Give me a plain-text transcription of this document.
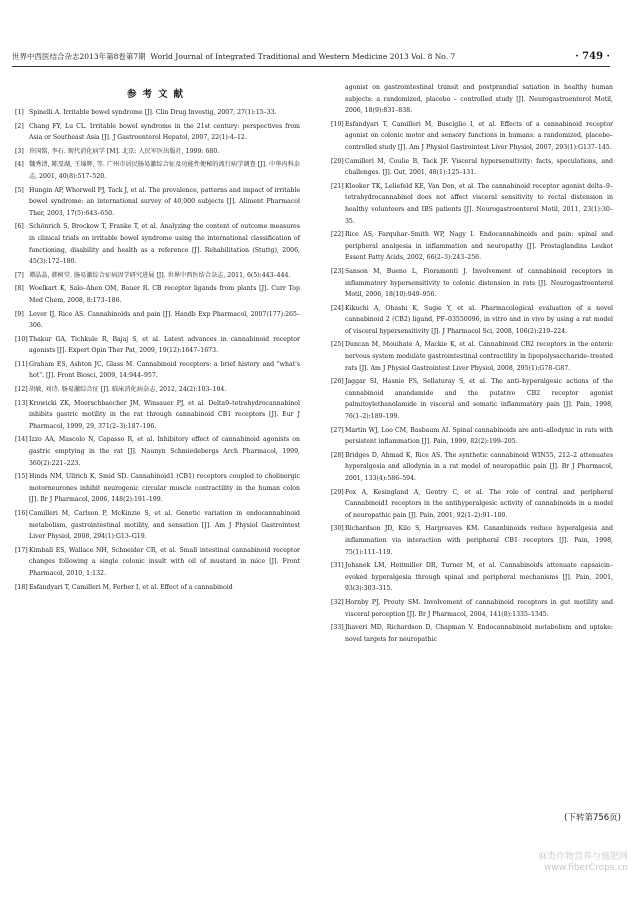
世界中西医结合杂志2013年第8卷第7期 World Journal of Integrated Traditional and Western Medicine 2013 Vol. 8 No. 7	· 749 ·
参考文献
[1] Spinelli A. Irritable bowel syndrome [J]. Clin Drug Investig, 2007, 27(1):15–33.
[2] Chang FY, Lu CL. Irritable bowel syndrome in the 21st century: perspectives from Asia or Southeast Asia [J]. J Gastroenterol Hepatol, 2007, 22(1):4–12.
[3] 许国铭, 李石. 现代消化病学 [M]. 北京: 人民军医出版社, 1999: 680.
[4] 魏秀清, 陈旻湖, 王锦辉, 等. 广州市居民肠易激综合征及功能性便秘的流行病学调查 [J]. 中华内科杂志, 2001, 40(8):517–520.
[5] Hungin AP, Whorwell PJ, Tack J, et al. The prevalence, patterns and impact of irritable bowel syndrome: an international survey of 40,000 subjects [J]. Aliment Pharmacol Ther, 2003, 17(5):643–650.
[6] Schönrich S, Brockow T, Franke T, et al. Analyzing the content of outcome measures in clinical trials on irritable bowel syndrome using the international classification of functioning, disability and health as a reference [J]. Rehabilitation (Stuttg), 2006, 45(3):172–180.
[7] 谭晶晶, 韩树堂. 肠易激综合征病因学研究进展 [J]. 世界中西医结合杂志, 2011, 6(5):443–444.
[8] Woelkart K, Salo–Ahen OM, Bauer R. CB receptor ligands from plants [J]. Curr Top Med Chem, 2008, 8:173–186.
[9] Lever IJ, Rice AS. Cannabinoids and pain [J]. Handb Exp Pharmacol, 2007(177):265–306.
[10] Thakur GA, Tichkule R, Bajaj S, et al. Latest advances in cannabinoid receptor agonists [J]. Expert Opin Ther Pat, 2009, 19(12):1647–1673.
[11] Graham ES, Ashton JC, Glass M. Cannabinoid receptors: a brief history and "what's hot". [J]. Front Biosci, 2009, 14:944–957.
[12] 胡敏, 刘诗. 肠易激综合征 [J]. 临床消化病杂志, 2012, 24(2):103–104.
[13] Krowicki ZK, Moerschbaecher JM, Winsauer PJ, et al. Delta9–tetrahydrocannabinol inhibits gastric motility in the rat through cannabinoid CB1 receptors [J]. Eur J Pharmacol, 1999, 29, 371(2–3):187–196.
[14] Izzo AA, Mascolo N, Capasso R, et al. Inhibitory effect of cannabinoid agonists on gastric emptying in the rat [J]. Naunyn Schmiedebergs Arch Pharmacol, 1999, 360(2):221–223.
[15] Hinds NM, Ullrich K, Smid SD. Cannabinoid1 (CB1) receptors coupled to cholinergic motorneurones inhibit neurogenic circular muscle contractility in the human colon [J]. Br J Pharmacol, 2006, 148(2):191–199.
[16] Camilleri M, Carlson P, McKinzie S, et al. Genetic variation in endocannabinoid metabolism, gastrointestinal motility, and sensation [J]. Am J Physiol Gastrointest Liver Physiol, 2008, 294(1):G13–G19.
[17] Kimball ES, Wallace NH, Schneider CR, et al. Small intestinal cannabinoid receptor changes following a single colonic insult with oil of mustard in mice [J]. Front Pharmacol, 2010, 1:132.
[18] Esfandyari T, Camilleri M, Ferber I, et al. Effect of a cannabinoid
agonist on gastrointestinal transit and postprandial satiation in healthy human subjects: a randomized, placebo – controlled study [J]. Neurogastroenterol Motil, 2006, 18(9):831–838.
[19] Esfandyari T, Camilleri M, Busciglio I, et al. Effects of a cannabinoid receptor agonist on colonic motor and sensory functions in humans: a randomized, placebo–controlled study [J]. Am J Physiol Gastrointest Liver Physiol, 2007, 293(1):G137–145.
[20] Camilleri M, Coulie B, Tack JF. Visceral hypersensitivity: facts, speculations, and challenges. [J]. Gut, 2001, 48(1):125–131.
[21] Klooker TK, Leliefeld KE, Van Den, et al. The cannabinoid receptor agonist delta–9–tetrahydrocannabinol does not affect visceral sensitivity to rectal distension in healthy volunteers and IBS patients [J]. Neurogastroenterol Motil, 2011, 23(1):30–35.
[22] Rice AS, Farquhar–Smith WP, Nagy I. Endocannabinoids and pain: spinal and peripheral analgesia in inflammation and neuropathy [J]. Prostaglandins Leukot Essent Fatty Acids, 2002, 66(2–3):243–256.
[23] Sanson M, Bueno L, Fioramonti J. Involvement of cannabinoid receptors in inflammatory hypersensitivity to colonic distension in rats [J]. Neurogastroenterol Motil, 2006, 18(10):949–956.
[24] Kikuchi A, Ohashi K, Sugie Y, et al. Pharmacological evaluation of a novel cannabinoid 2 (CB2) ligand, PF–03550096, in vitro and in vivo by using a rat model of visceral hypersensitivity [J]. J Pharmacol Sci, 2008, 106(2):219–224.
[25] Duncan M, Mouihate A, Mackie K, et al. Cannabinoid CB2 receptors in the enteric nervous system modulate gastrointestinal contractility in lipopolysaccharide–treated rats [J]. Am J Physiol Gastrointest Liver Physiol, 2008, 295(1):G78–G87.
[26] Jaggar SI, Hasnie FS, Sellaturay S, et al. The anti–hyperalgesic actions of the cannabinoid anandamide and the putative CB2 receptor agonist palmitoylethanolamide in visceral and somatic inflammatory pain [J]. Pain, 1998, 76(1–2):189–199.
[27] Martin WJ, Loo CM, Basbaum AI. Spinal cannabinoids are anti–allodynic in rats with persistent inflammation [J]. Pain, 1999, 82(2):199–205.
[28] Bridges D, Ahmad K, Rice AS. The synthetic cannabinoid WIN55, 212–2 attenuates hyperalgesia and allodynia in a rat model of neuropathic pain [J]. Br J Pharmacol, 2001, 133(4):586–594.
[29] Fox A, Kesingland A, Gentry C, et al. The role of central and peripheral Cannabinoid1 receptors in the antihyperalgesic activity of cannabinoids in a model of neuropathic pain [J]. Pain, 2001, 92(1–2):91–100.
[30] Richardson JD, Kilo S, Hargreaves KM. Cananbinoids reduce hyperalgesia and inflammation via interaction with peripheral CB1 receptors [J]. Pain, 1998, 75(1):111–119.
[31] Johanek LM, Heitmiller DR, Turner M, et al. Cannabinoids attenuate capsaicin–evoked hyperalgesia through spinal and peripheral mechanisms [J]. Pain, 2001, 93(3):303–315.
[32] Hornby PJ, Prouty SM. Involvement of cannabinoid receptors in gut motility and visceral perception [J]. Br J Pharmacol, 2004, 141(8):1335–1345.
[33] Jhaveri MD, Richardson D, Chapman V. Endocannabinoid metabolism and uptake: novel targets for neuropathic
(下转第756页)
麻类作物营养与施肥网
www.fiberCrops.cn
